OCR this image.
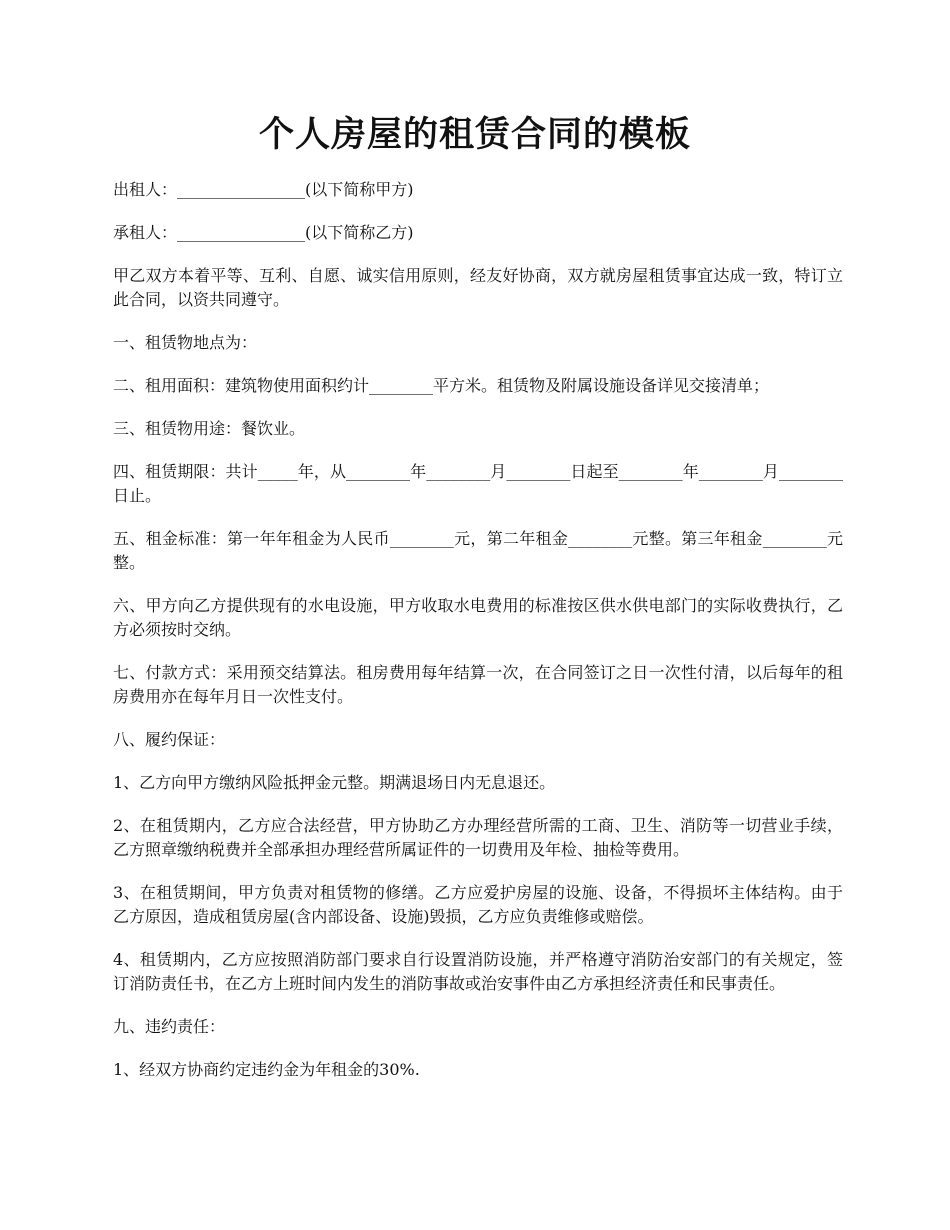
个人房屋的租赁合同的模板

出租人：________________(以下简称甲方)

承租人：________________(以下简称乙方)

甲乙双方本着平等、互利、自愿、诚实信用原则，经友好协商，双方就房屋租赁事宜达成一致，特订立此合同，以资共同遵守。

一、租赁物地点为：

二、租用面积：建筑物使用面积约计________平方米。租赁物及附属设施设备详见交接清单；

三、租赁物用途：餐饮业。

四、租赁期限：共计_____年，从________年________月________日起至________年________月________日止。

五、租金标准：第一年年租金为人民币________元，第二年租金________元整。第三年租金________元整。

六、甲方向乙方提供现有的水电设施，甲方收取水电费用的标准按区供水供电部门的实际收费执行，乙方必须按时交纳。

七、付款方式：采用预交结算法。租房费用每年结算一次，在合同签订之日一次性付清，以后每年的租房费用亦在每年月日一次性支付。

八、履约保证：

1、乙方向甲方缴纳风险抵押金元整。期满退场日内无息退还。

2、在租赁期内，乙方应合法经营，甲方协助乙方办理经营所需的工商、卫生、消防等一切营业手续，乙方照章缴纳税费并全部承担办理经营所属证件的一切费用及年检、抽检等费用。

3、在租赁期间，甲方负责对租赁物的修缮。乙方应爱护房屋的设施、设备，不得损坏主体结构。由于乙方原因，造成租赁房屋(含内部设备、设施)毁损，乙方应负责维修或赔偿。

4、租赁期内，乙方应按照消防部门要求自行设置消防设施，并严格遵守消防治安部门的有关规定，签订消防责任书，在乙方上班时间内发生的消防事故或治安事件由乙方承担经济责任和民事责任。

九、违约责任：

1、经双方协商约定违约金为年租金的30%.
